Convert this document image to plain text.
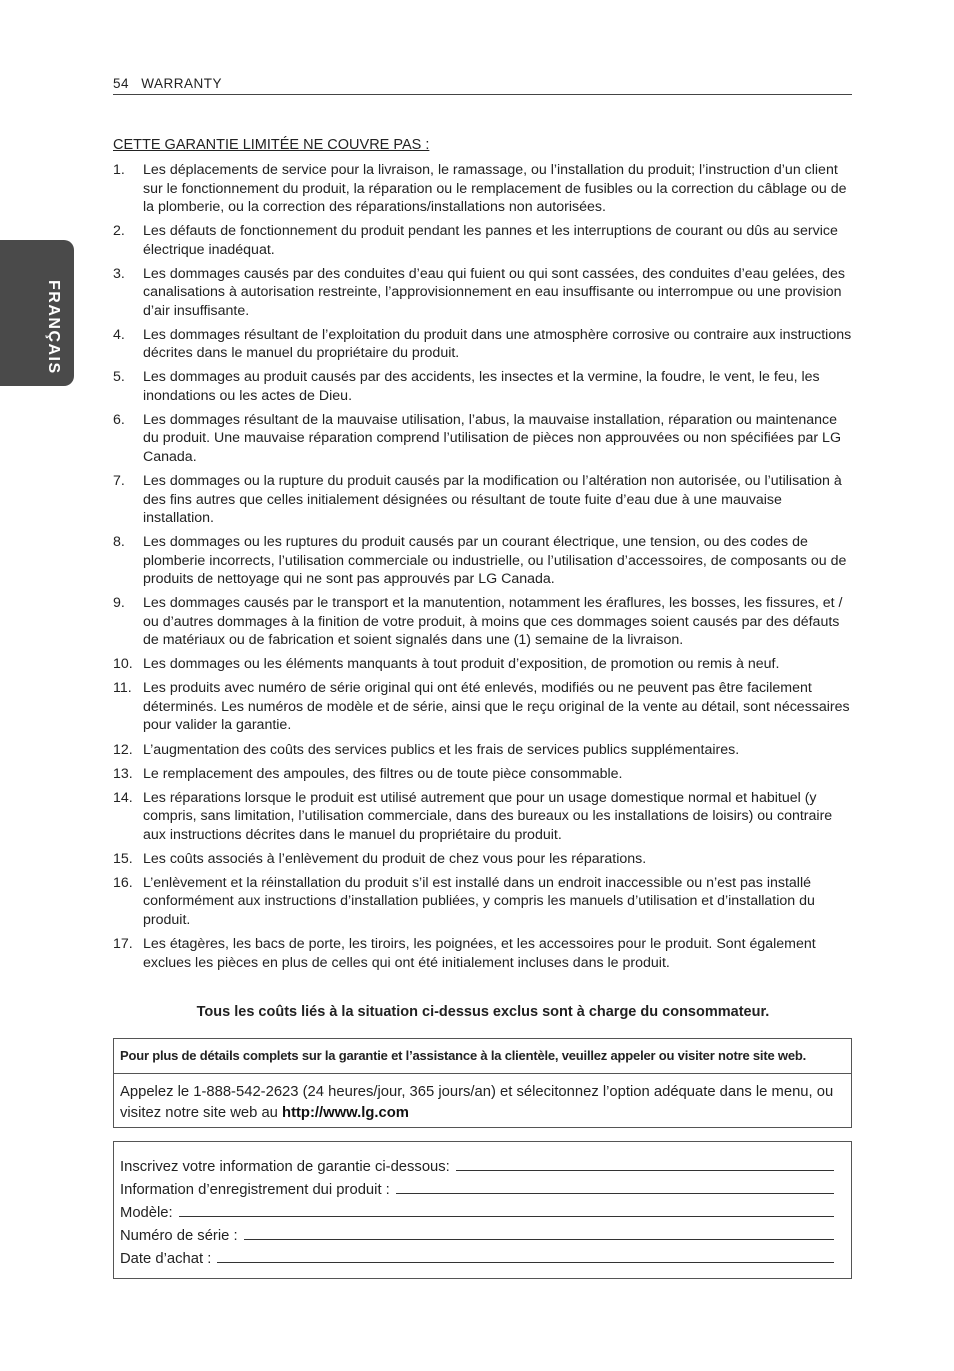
54 WARRANTY
FRANÇAIS
CETTE GARANTIE LIMITÉE NE COUVRE PAS :
1. Les déplacements de service pour la livraison, le ramassage, ou l’installation du produit; l’instruction d’un client sur le fonctionnement du produit, la réparation ou le remplacement de fusibles ou la correction du câblage ou de la plomberie, ou la correction des réparations/installations non autorisées.
2. Les défauts de fonctionnement du produit pendant les pannes et les interruptions de courant ou dûs au service électrique inadéquat.
3. Les dommages causés par des conduites d’eau qui fuient ou qui sont cassées, des conduites d’eau gelées, des canalisations à autorisation restreinte, l’approvisionnement en eau insuffisante ou interrompue ou une provision d’air insuffisante.
4. Les dommages résultant de l’exploitation du produit dans une atmosphère corrosive ou contraire aux instructions décrites dans le manuel du propriétaire du produit.
5. Les dommages au produit causés par des accidents, les insectes et la vermine, la foudre, le vent, le feu, les inondations ou les actes de Dieu.
6. Les dommages résultant de la mauvaise utilisation, l’abus, la mauvaise installation, réparation ou maintenance du produit. Une mauvaise réparation comprend l’utilisation de pièces non approuvées ou non spécifiées par LG Canada.
7. Les dommages ou la rupture du produit causés par la modification ou l’altération non autorisée, ou l’utilisation à des fins autres que celles initialement désignées ou résultant de toute fuite d’eau due à une mauvaise installation.
8. Les dommages ou les ruptures du produit causés par un courant électrique, une tension, ou des codes de plomberie incorrects, l’utilisation commerciale ou industrielle, ou l’utilisation d’accessoires, de composants ou de produits de nettoyage qui ne sont pas approuvés par LG Canada.
9. Les dommages causés par le transport et la manutention, notamment les éraflures, les bosses, les fissures, et / ou d’autres dommages à la finition de votre produit, à moins que ces dommages soient causés par des défauts de matériaux ou de fabrication et soient signalés dans une (1) semaine de la livraison.
10. Les dommages ou les éléments manquants à tout produit d’exposition, de promotion ou remis à neuf.
11. Les produits avec numéro de série original qui ont été enlevés, modifiés ou ne peuvent pas être facilement déterminés. Les numéros de modèle et de série, ainsi que le reçu original de la vente au détail, sont nécessaires pour valider la garantie.
12. L’augmentation des coûts des services publics et les frais de services publics supplémentaires.
13. Le remplacement des ampoules, des filtres ou de toute pièce consommable.
14. Les réparations lorsque le produit est utilisé autrement que pour un usage domestique normal et habituel (y compris, sans limitation, l’utilisation commerciale, dans des bureaux ou les installations de loisirs) ou contraire aux instructions décrites dans le manuel du propriétaire du produit.
15. Les coûts associés à l’enlèvement du produit de chez vous pour les réparations.
16. L’enlèvement et la réinstallation du produit s’il est installé dans un endroit inaccessible ou n’est pas installé conformément aux instructions d’installation publiées, y compris les manuels d’utilisation et d’installation du produit.
17. Les étagères, les bacs de porte, les tiroirs, les poignées, et les accessoires pour le produit. Sont également exclues les pièces en plus de celles qui ont été initialement incluses dans le produit.
Tous les coûts liés à la situation ci-dessus exclus sont à charge du consommateur.
Pour plus de détails complets sur la garantie et l’assistance à la clientèle, veuillez appeler ou visiter notre site web.
Appelez le 1-888-542-2623 (24 heures/jour, 365 jours/an) et sélecitonnez l’option adéquate dans le menu, ou visitez notre site web au http://www.lg.com
Inscrivez votre information de garantie ci-dessous:
Information d’enregistrement dui produit :
Modèle:
Numéro de série :
Date d’achat :
